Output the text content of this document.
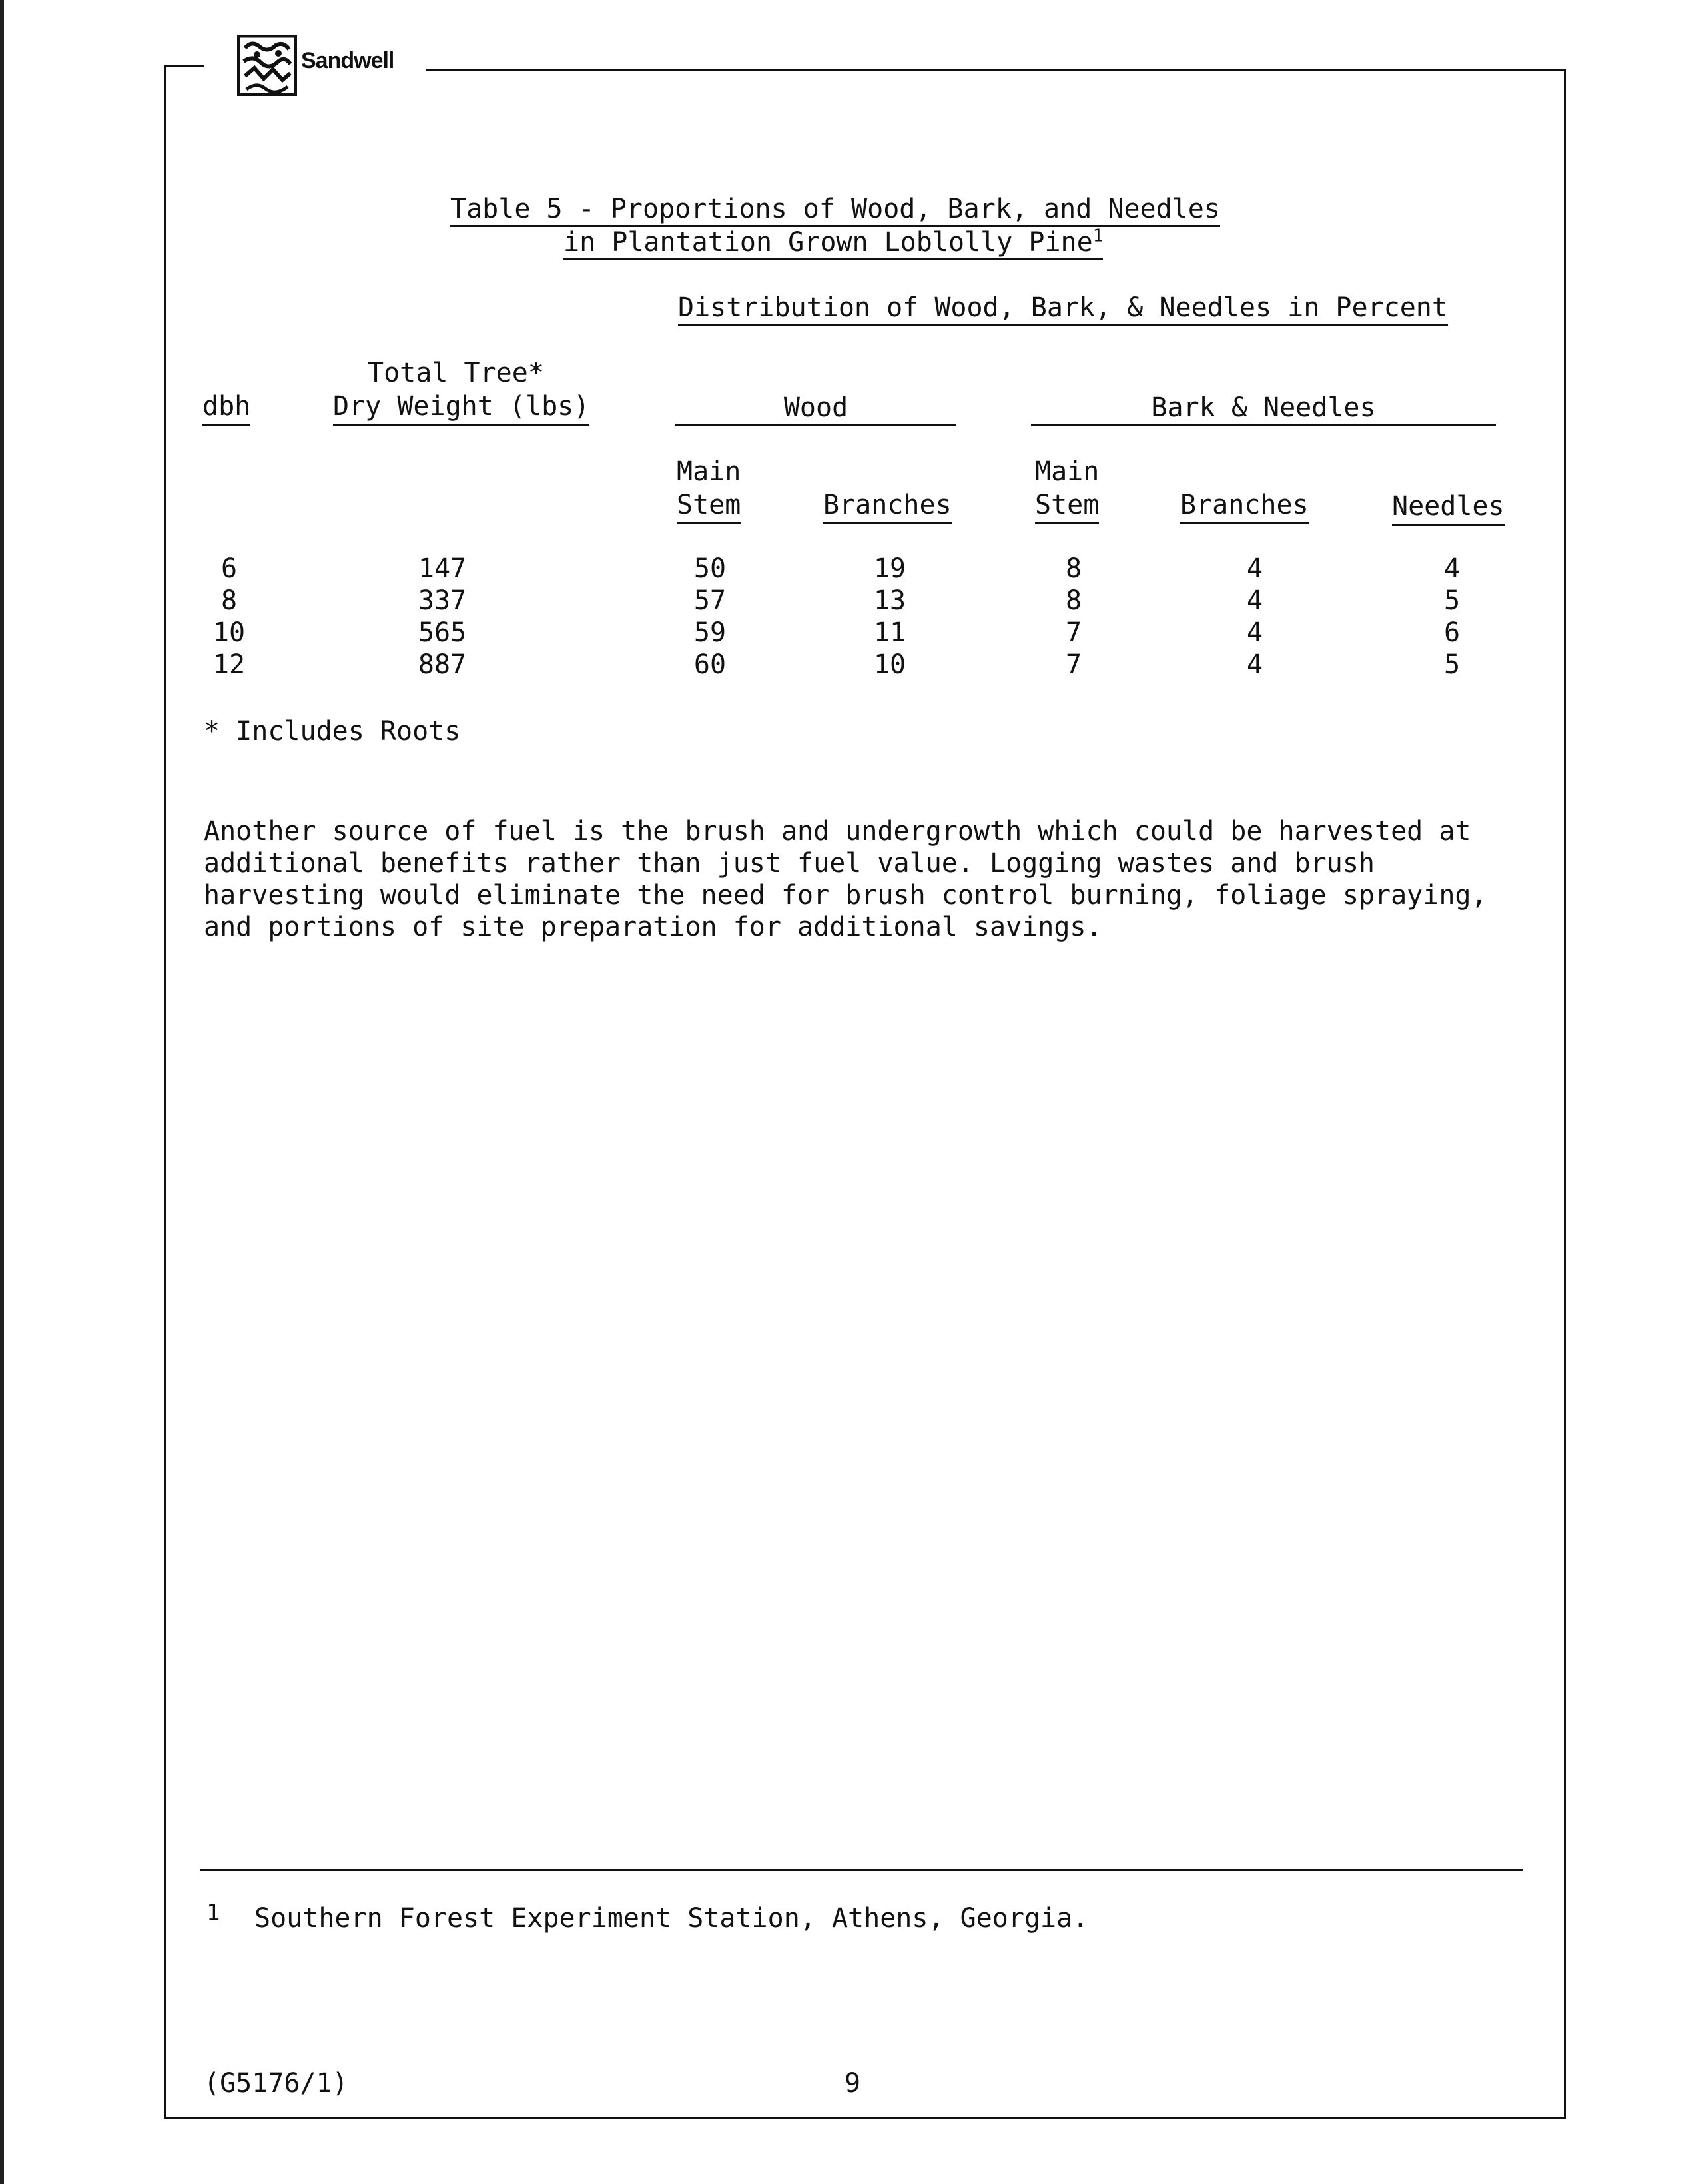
Sandwell
Table 5 - Proportions of Wood, Bark, and Needles
in Plantation Grown Loblolly Pine$^1$
Distribution of Wood, Bark, & Needles in Percent
Total Tree*
dbh	Dry Weight (lbs)	Wood	Bark & Needles
Main
Stem	Branches
Main
Stem	Branches	Needles
6	147	50	19	8	4	4
8	337	57	13	8	4	5
10	565	59	11	7	4	6
12	887	60	10	7	4	5
* Includes Roots
Another source of fuel is the brush and undergrowth which could be harvested at
additional benefits rather than just fuel value. Logging wastes and brush
harvesting would eliminate the need for brush control burning, foliage spraying,
and portions of site preparation for additional savings.
1 Southern Forest Experiment Station, Athens, Georgia.
(G5176/1)	9
